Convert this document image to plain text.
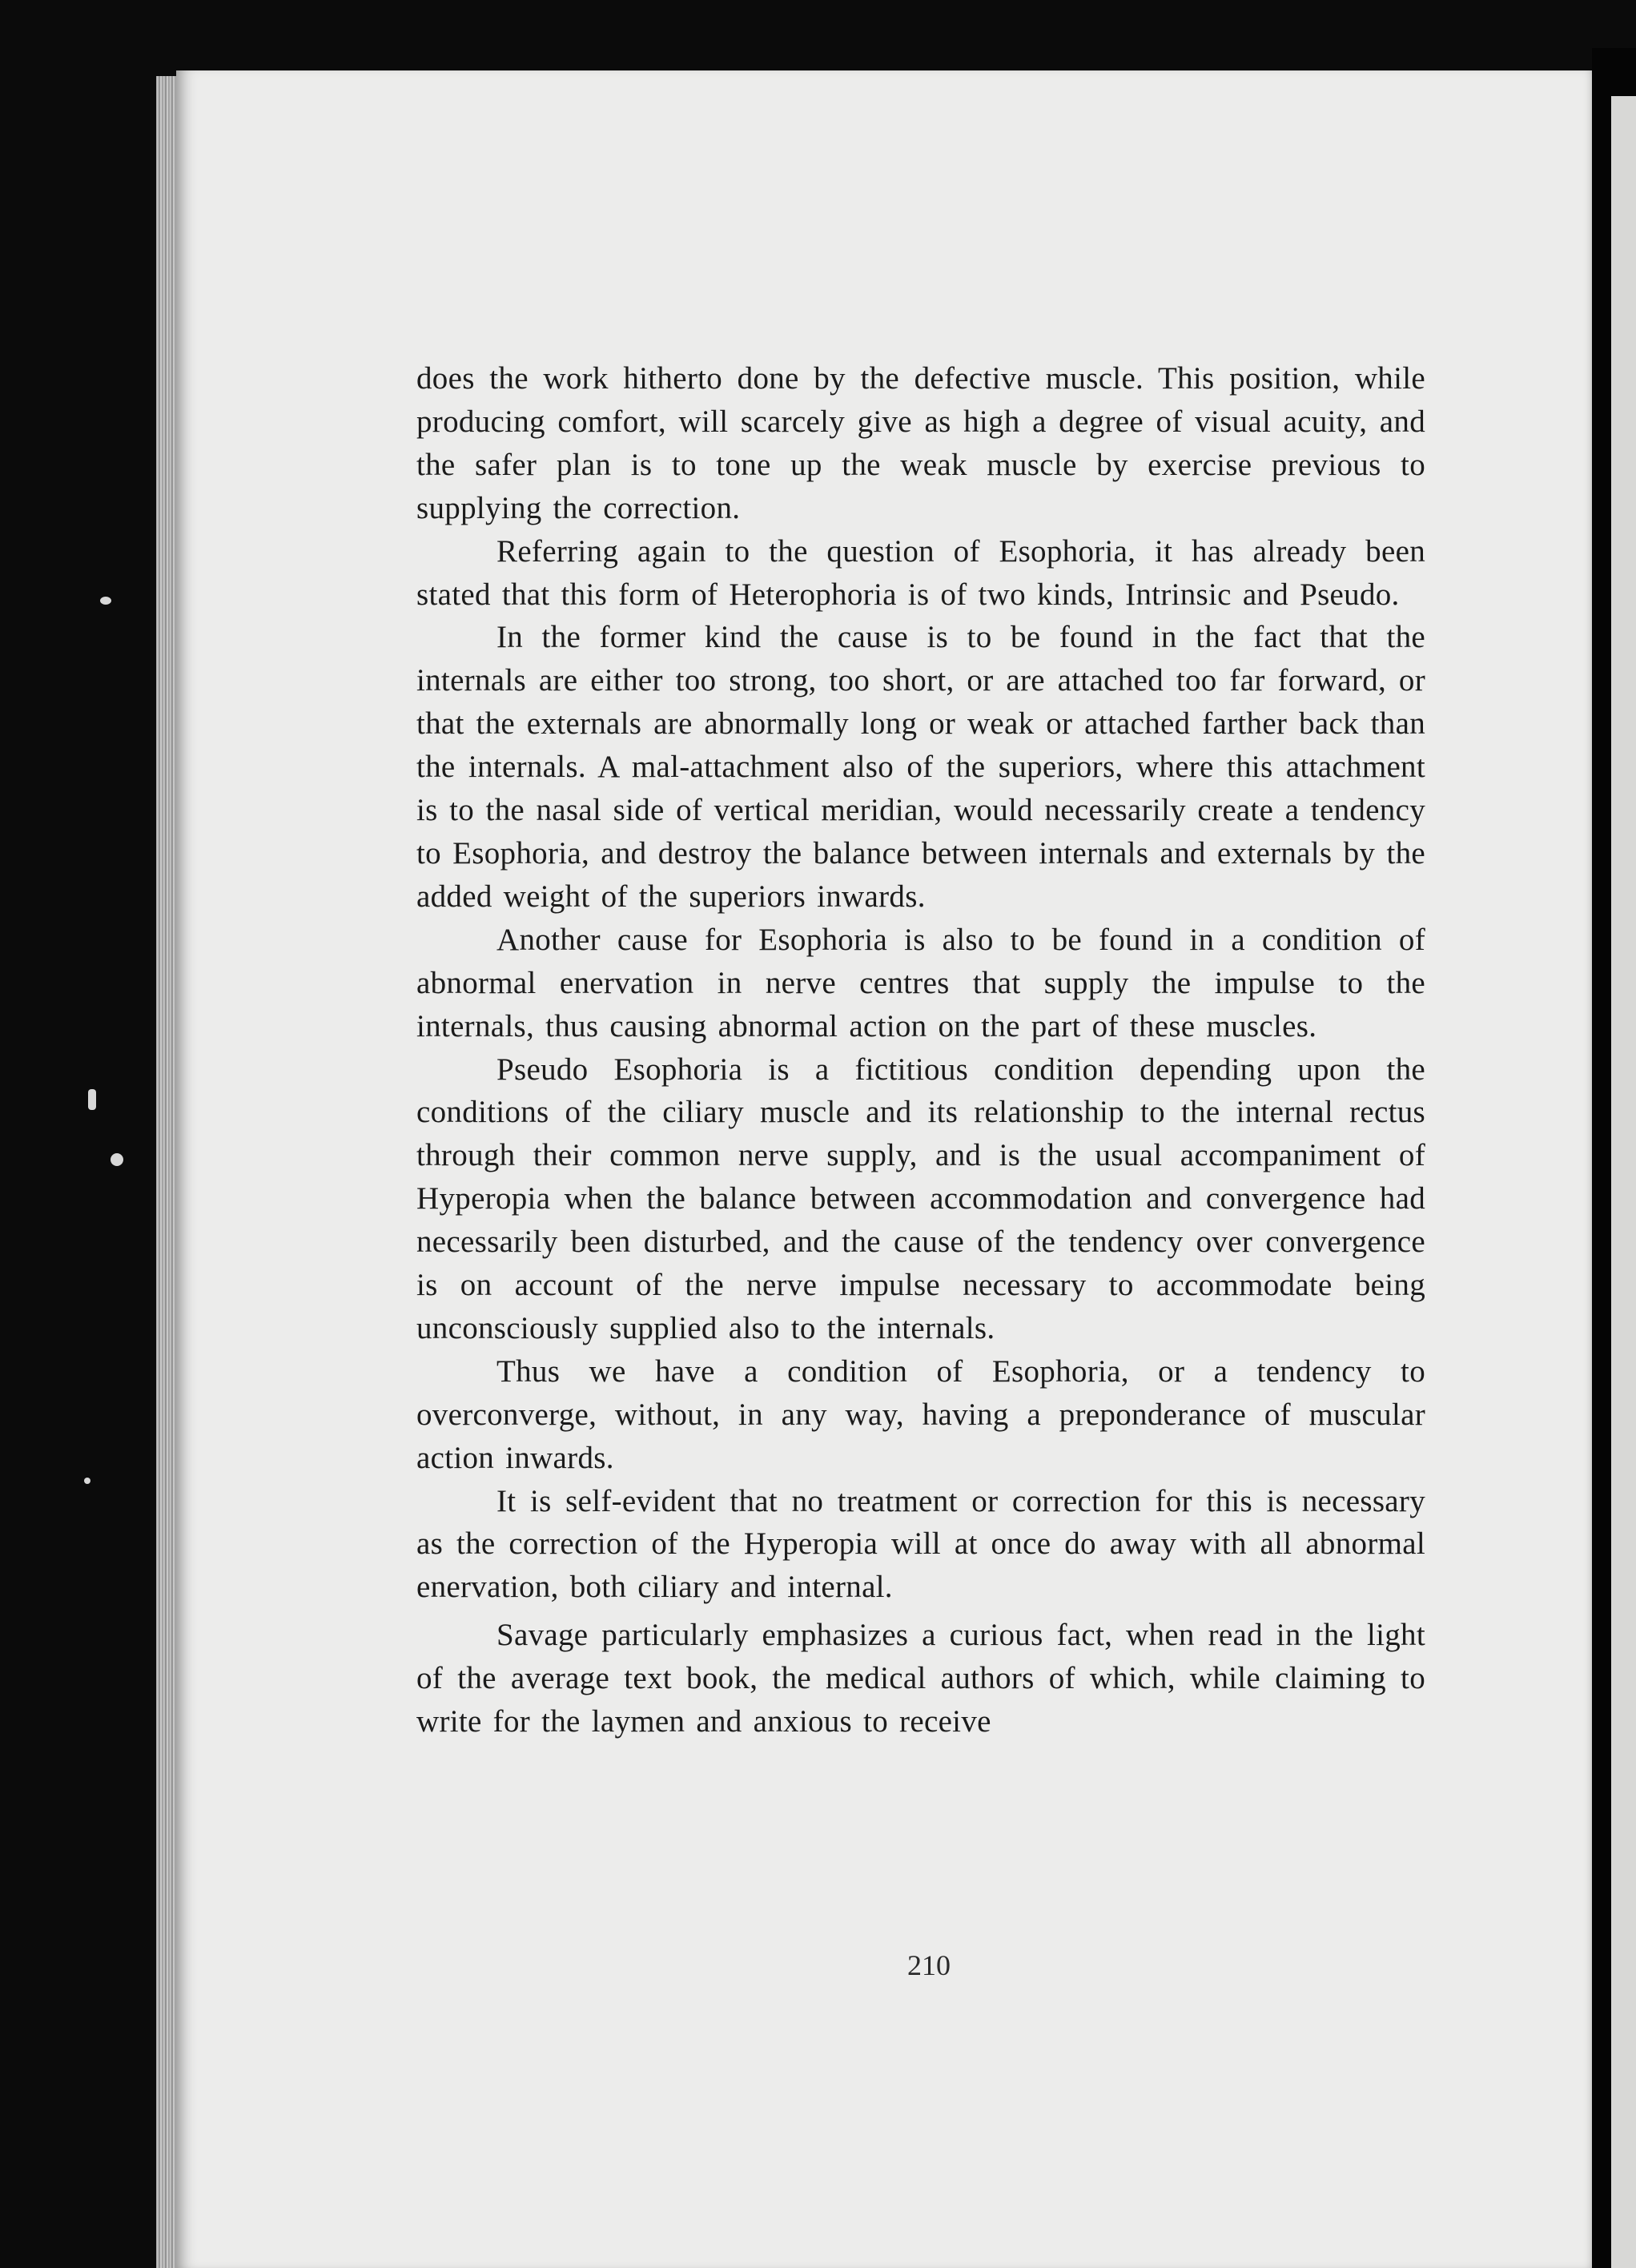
does the work hitherto done by the defective muscle. This position, while producing comfort, will scarcely give as high a degree of visual acuity, and the safer plan is to tone up the weak muscle by exercise previous to supplying the correction.

Referring again to the question of Esophoria, it has already been stated that this form of Heterophoria is of two kinds, Intrinsic and Pseudo.

In the former kind the cause is to be found in the fact that the internals are either too strong, too short, or are attached too far forward, or that the externals are abnormally long or weak or attached farther back than the internals. A mal-attachment also of the superiors, where this attachment is to the nasal side of vertical meridian, would necessarily create a tendency to Esophoria, and destroy the balance between internals and externals by the added weight of the superiors inwards.

Another cause for Esophoria is also to be found in a condition of abnormal enervation in nerve centres that supply the impulse to the internals, thus causing abnormal action on the part of these muscles.

Pseudo Esophoria is a fictitious condition depending upon the conditions of the ciliary muscle and its relationship to the internal rectus through their common nerve supply, and is the usual accompaniment of Hyperopia when the balance between accommodation and convergence had necessarily been disturbed, and the cause of the tendency over convergence is on account of the nerve impulse necessary to accommodate being unconsciously supplied also to the internals.

Thus we have a condition of Esophoria, or a tendency to overconverge, without, in any way, having a preponderance of muscular action inwards.

It is self-evident that no treatment or correction for this is necessary as the correction of the Hyperopia will at once do away with all abnormal enervation, both ciliary and internal.

Savage particularly emphasizes a curious fact, when read in the light of the average text book, the medical authors of which, while claiming to write for the laymen and anxious to receive

210
